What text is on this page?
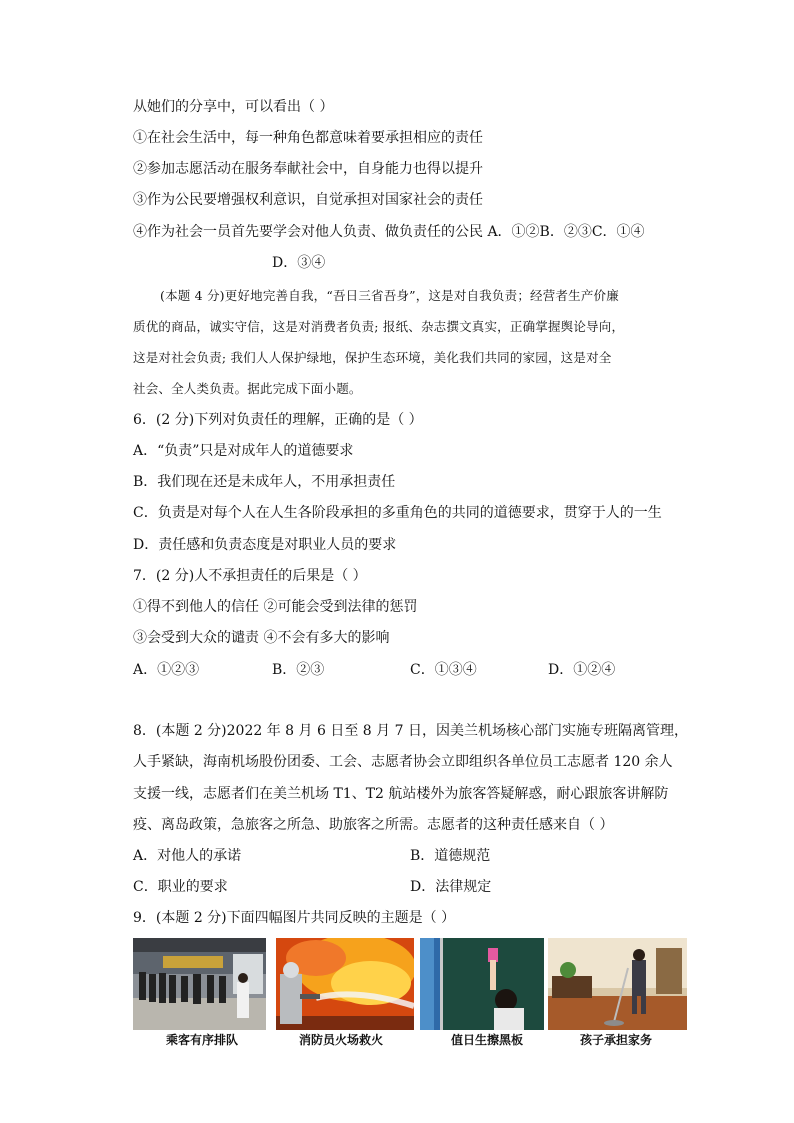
从她们的分享中，可以看出（ ）
①在社会生活中，每一种角色都意味着要承担相应的责任
②参加志愿活动在服务奉献社会中，自身能力也得以提升
③作为公民要增强权利意识，自觉承担对国家社会的责任
④作为社会一员首先要学会对他人负责、做负责任的公民 A．①②B．②③C．①④
D．③④
(本题 4 分)更好地完善自我，“吾日三省吾身”，这是对自我负责；经营者生产价廉
质优的商品，诚实守信，这是对消费者负责; 报纸、杂志撰文真实，正确掌握舆论导向，
这是对社会负责; 我们人人保护绿地，保护生态环境，美化我们共同的家园，这是对全
社会、全人类负责。据此完成下面小题。
6．(2 分)下列对负责任的理解，正确的是（ ）
A．“负责”只是对成年人的道德要求
B．我们现在还是未成年人，不用承担责任
C．负责是对每个人在人生各阶段承担的多重角色的共同的道德要求，贯穿于人的一生
D．责任感和负责态度是对职业人员的要求
7．(2 分)人不承担责任的后果是（ ）
①得不到他人的信任 ②可能会受到法律的惩罚
③会受到大众的谴责 ④不会有多大的影响
A．①②③	B．②③	C．①③④	D．①②④
8．(本题 2 分)2022 年 8 月 6 日至 8 月 7 日，因美兰机场核心部门实施专班隔离管理，
人手紧缺，海南机场股份团委、工会、志愿者协会立即组织各单位员工志愿者 120 余人
支援一线，志愿者们在美兰机场 T1、T2 航站楼外为旅客答疑解惑，耐心跟旅客讲解防
疫、离岛政策，急旅客之所急、助旅客之所需。志愿者的这种责任感来自（ ）
A．对他人的承诺	B．道德规范
C．职业的要求	D．法律规定
9．(本题 2 分)下面四幅图片共同反映的主题是（ ）
乘客有序排队	消防员火场救火	值日生擦黑板	孩子承担家务
